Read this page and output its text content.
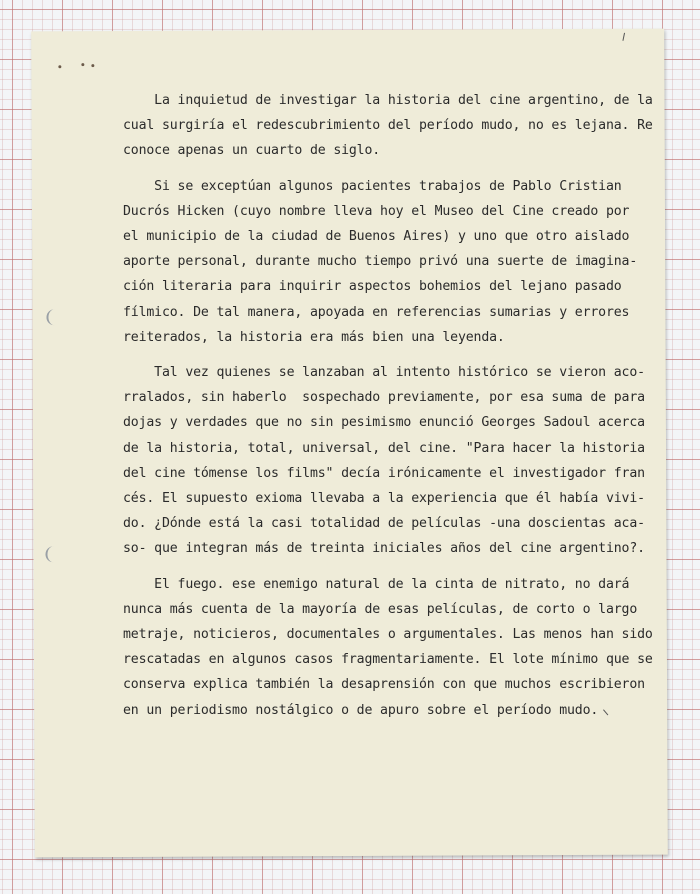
La inquietud de investigar la historia del cine argentino, de la
cual surgiría el redescubrimiento del período mudo, no es lejana. Re
conoce apenas un cuarto de siglo.

Si se exceptúan algunos pacientes trabajos de Pablo Cristian
Ducrós Hicken (cuyo nombre lleva hoy el Museo del Cine creado por
el municipio de la ciudad de Buenos Aires) y uno que otro aislado
aporte personal, durante mucho tiempo privó una suerte de imagina-
ción literaria para inquirir aspectos bohemios del lejano pasado
fílmico. De tal manera, apoyada en referencias sumarias y errores
reiterados, la historia era más bien una leyenda.

Tal vez quienes se lanzaban al intento histórico se vieron aco-
rralados, sin haberlo  sospechado previamente, por esa suma de para
dojas y verdades que no sin pesimismo enunció Georges Sadoul acerca
de la historia, total, universal, del cine. "Para hacer la historia
del cine tómense los films" decía irónicamente el investigador fran
cés. El supuesto exioma llevaba a la experiencia que él había vivi-
do. ¿Dónde está la casi totalidad de películas -una doscientas aca-
so- que integran más de treinta iniciales años del cine argentino?.

El fuego. ese enemigo natural de la cinta de nitrato, no dará
nunca más cuenta de la mayoría de esas películas, de corto o largo
metraje, noticieros, documentales o argumentales. Las menos han sido
rescatadas en algunos casos fragmentariamente. El lote mínimo que se
conserva explica también la desaprensión con que muchos escribieron
en un periodismo nostálgico o de apuro sobre el período mudo.
